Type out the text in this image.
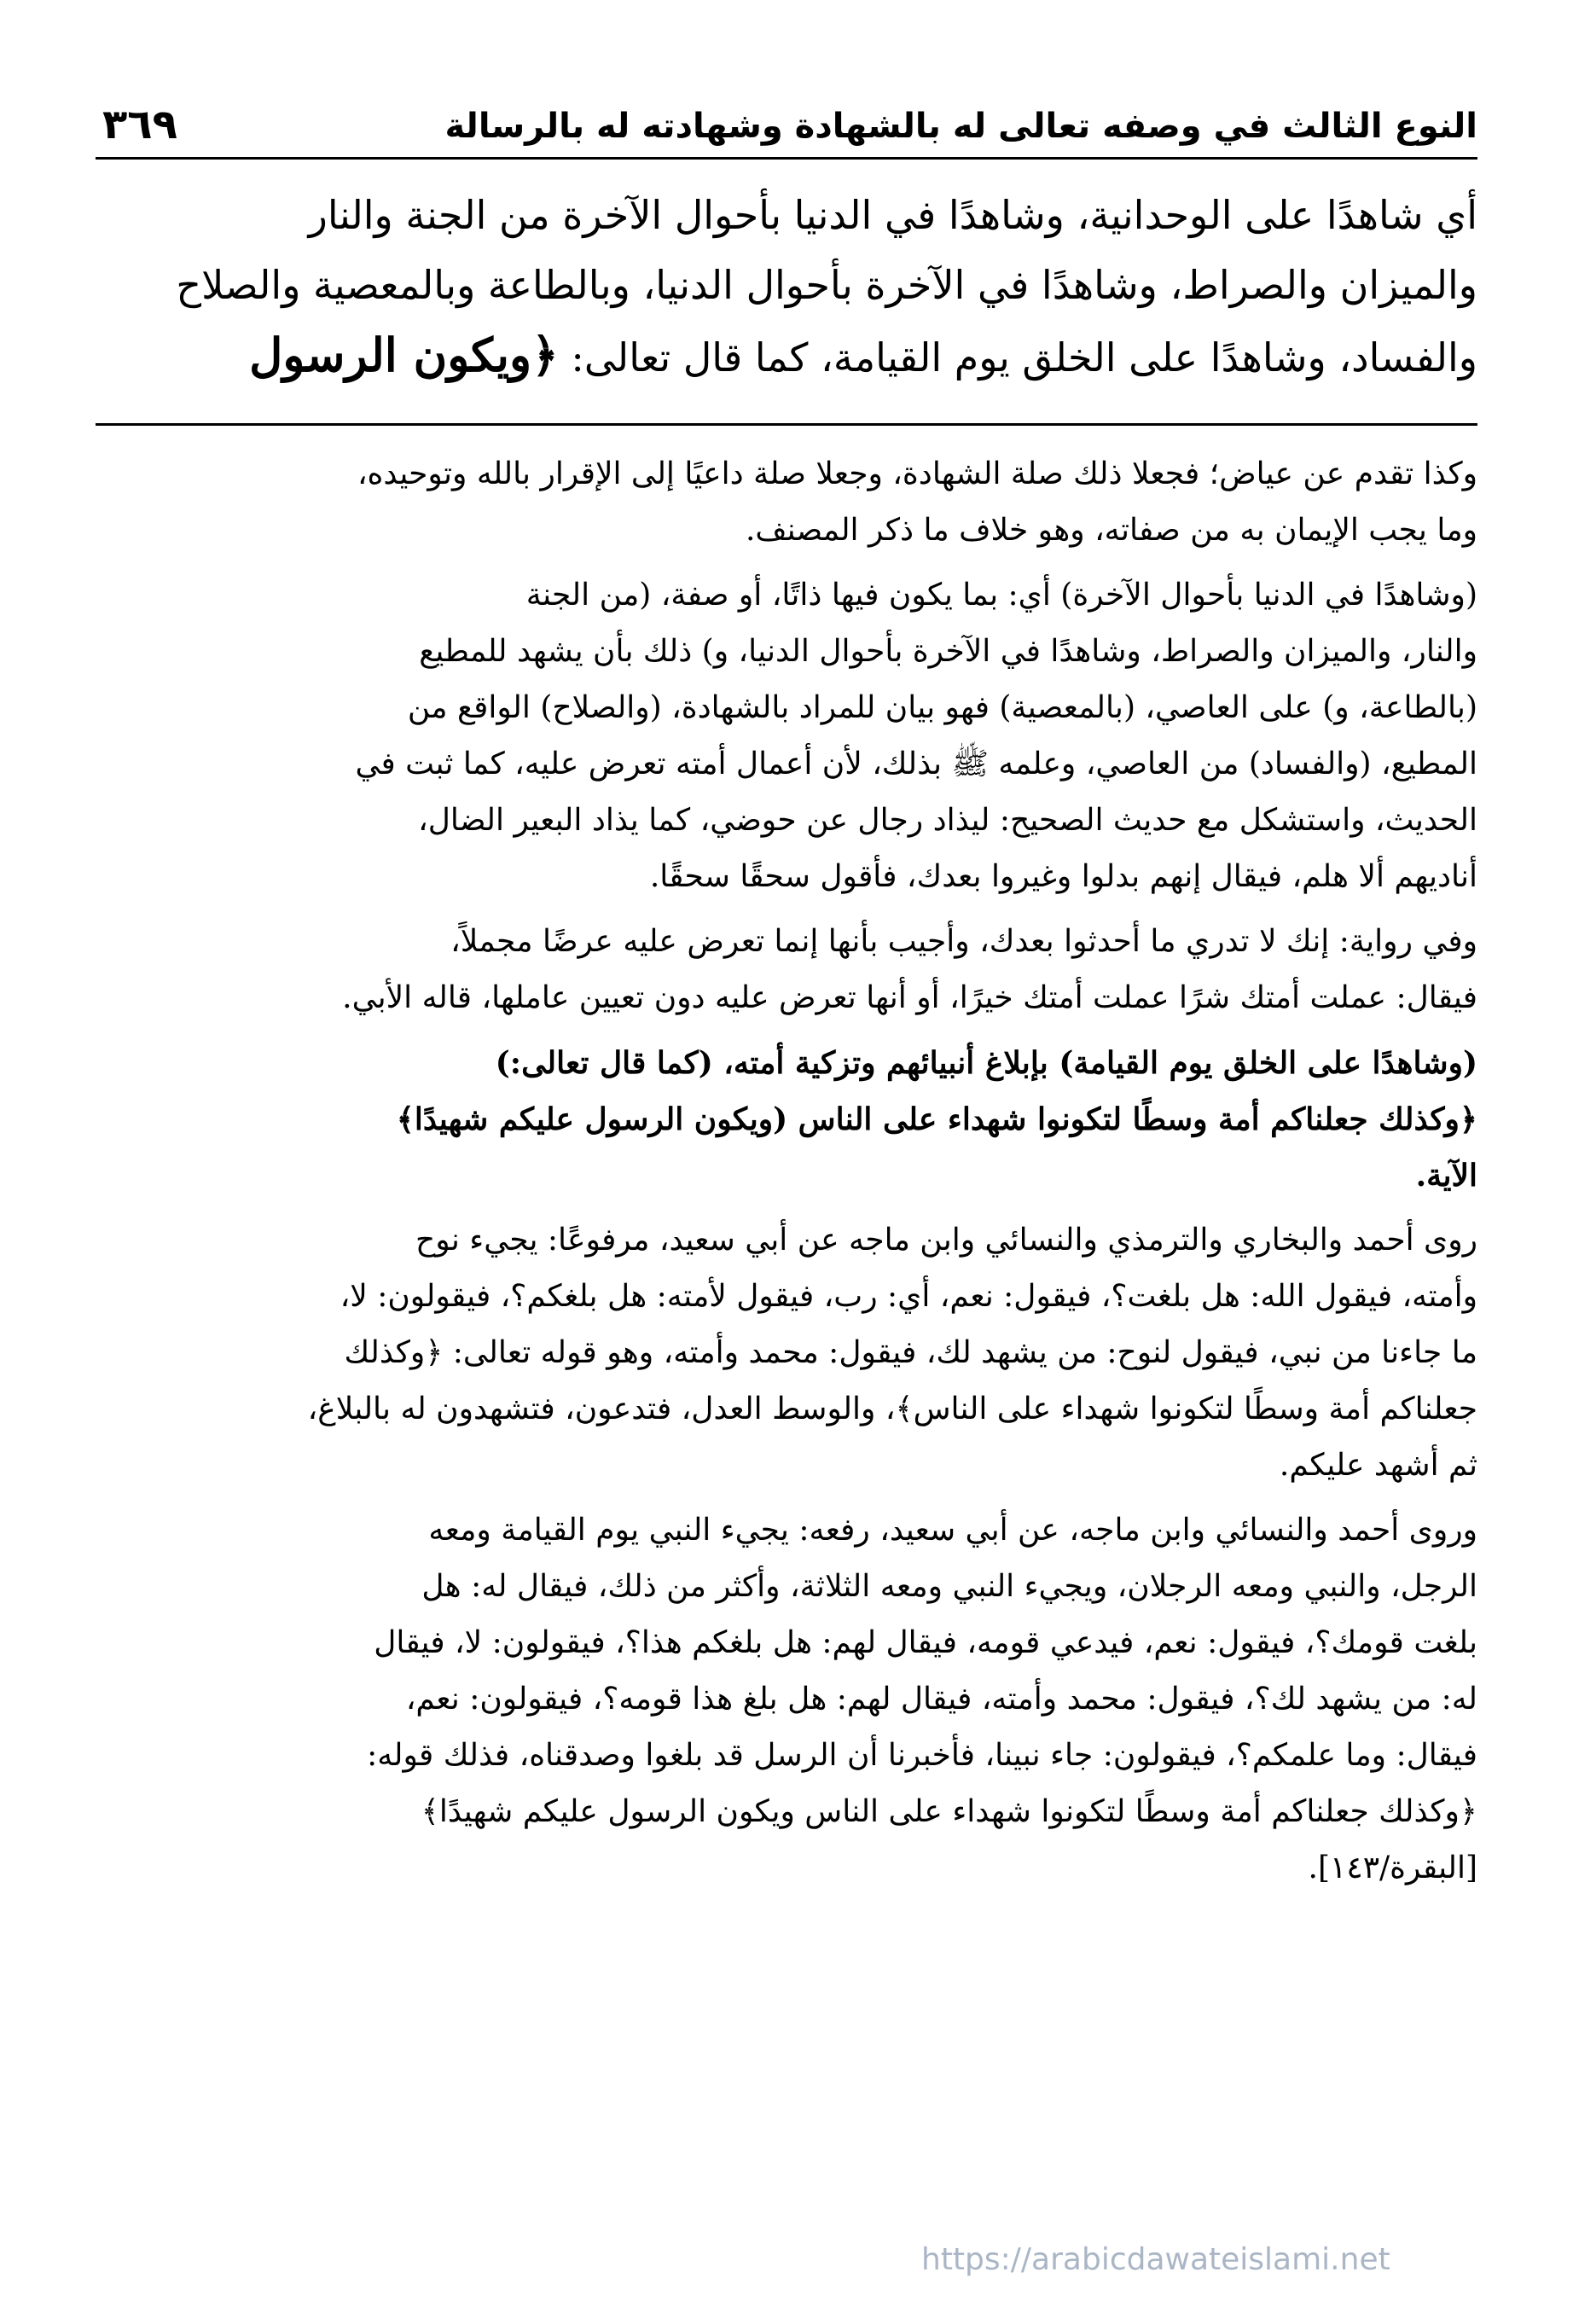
النوع الثالث في وصفه تعالى له بالشهادة وشهادته له بالرسالة
٣٦٩
أي شاهدًا على الوحدانية، وشاهدًا في الدنيا بأحوال الآخرة من الجنة والنار
والميزان والصراط، وشاهدًا في الآخرة بأحوال الدنيا، وبالطاعة وبالمعصية والصلاح
والفساد، وشاهدًا على الخلق يوم القيامة، كما قال تعالى: ﴿ويكون الرسول
وكذا تقدم عن عياض؛ فجعلا ذلك صلة الشهادة، وجعلا صلة داعيًا إلى الإقرار بالله وتوحيده،
وما يجب الإيمان به من صفاته، وهو خلاف ما ذكر المصنف.
(وشاهدًا في الدنيا بأحوال الآخرة) أي: بما يكون فيها ذاتًا، أو صفة، (من الجنة
والنار، والميزان والصراط، وشاهدًا في الآخرة بأحوال الدنيا، و) ذلك بأن يشهد للمطيع
(بالطاعة، و) على العاصي، (بالمعصية) فهو بيان للمراد بالشهادة، (والصلاح) الواقع من
المطيع، (والفساد) من العاصي، وعلمه ﷺ بذلك، لأن أعمال أمته تعرض عليه، كما ثبت في
الحديث، واستشكل مع حديث الصحيح: ليذاد رجال عن حوضي، كما يذاد البعير الضال،
أناديهم ألا هلم، فيقال إنهم بدلوا وغيروا بعدك، فأقول سحقًا سحقًا.
وفي رواية: إنك لا تدري ما أحدثوا بعدك، وأجيب بأنها إنما تعرض عليه عرضًا مجملاً،
فيقال: عملت أمتك شرًا عملت أمتك خيرًا، أو أنها تعرض عليه دون تعيين عاملها، قاله الأبي.
(وشاهدًا على الخلق يوم القيامة) بإبلاغ أنبيائهم وتزكية أمته، (كما قال تعالى:)
﴿وكذلك جعلناكم أمة وسطًا لتكونوا شهداء على الناس (ويكون الرسول عليكم شهيدًا﴾
الآية.
روى أحمد والبخاري والترمذي والنسائي وابن ماجه عن أبي سعيد، مرفوعًا: يجيء نوح
وأمته، فيقول الله: هل بلغت؟، فيقول: نعم، أي: رب، فيقول لأمته: هل بلغكم؟، فيقولون: لا،
ما جاءنا من نبي، فيقول لنوح: من يشهد لك، فيقول: محمد وأمته، وهو قوله تعالى: ﴿وكذلك
جعلناكم أمة وسطًا لتكونوا شهداء على الناس﴾، والوسط العدل، فتدعون، فتشهدون له بالبلاغ،
ثم أشهد عليكم.
وروى أحمد والنسائي وابن ماجه، عن أبي سعيد، رفعه: يجيء النبي يوم القيامة ومعه
الرجل، والنبي ومعه الرجلان، ويجيء النبي ومعه الثلاثة، وأكثر من ذلك، فيقال له: هل
بلغت قومك؟، فيقول: نعم، فيدعي قومه، فيقال لهم: هل بلغكم هذا؟، فيقولون: لا، فيقال
له: من يشهد لك؟، فيقول: محمد وأمته، فيقال لهم: هل بلغ هذا قومه؟، فيقولون: نعم،
فيقال: وما علمكم؟، فيقولون: جاء نبينا، فأخبرنا أن الرسل قد بلغوا وصدقناه، فذلك قوله:
﴿وكذلك جعلناكم أمة وسطًا لتكونوا شهداء على الناس ويكون الرسول عليكم شهيدًا﴾
[البقرة/١٤٣].
https://arabicdawateislami.net
